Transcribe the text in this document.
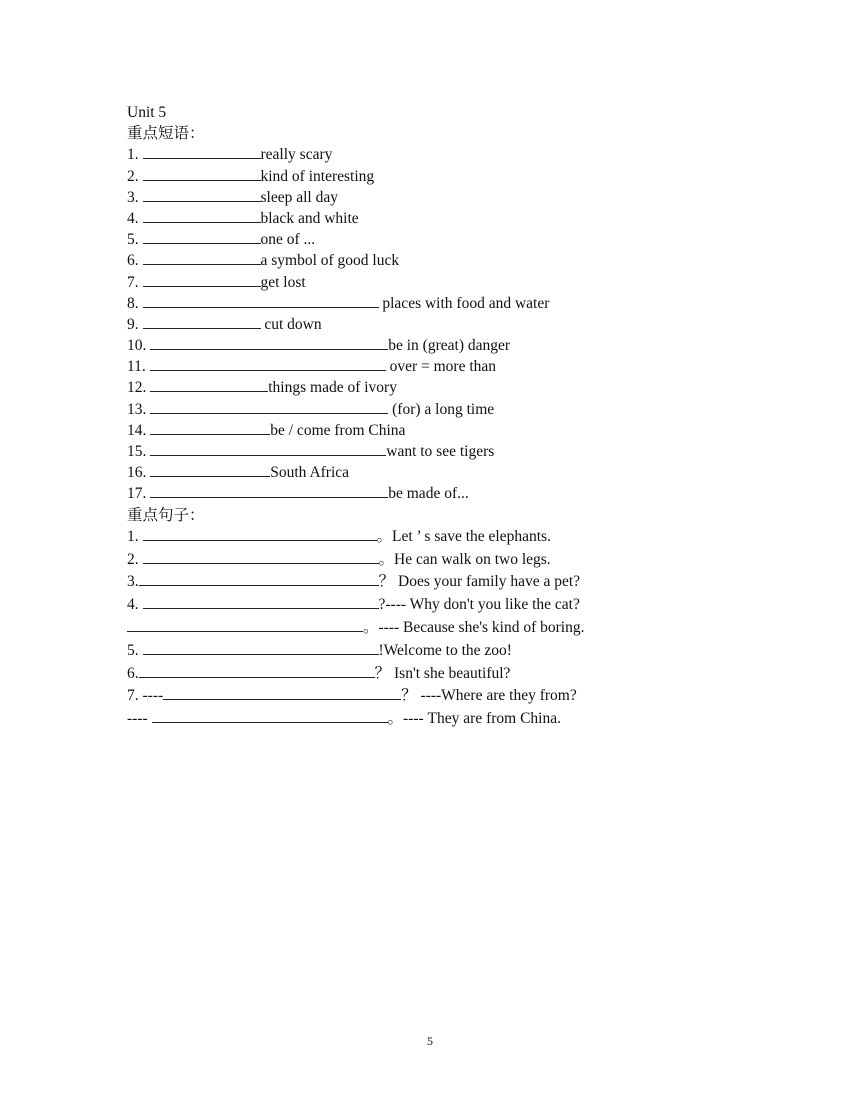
Unit 5
重点短语：
1.	really scary
2.	kind of interesting
3.	sleep all day
4.	black and white
5.	one of ...
6.	a symbol of good luck
7.	get lost
8.	places with food and water
9.	cut down
10.	be in (great) danger
11.	over = more than
12.	things made of ivory
13.	(for) a long time
14.	be / come from China
15.	want to see tigers
16.	South Africa
17.	be made of...
重点句子：
1.	。Let ’ s save the elephants.
2.	。He can walk on two legs.
3.	？ Does your family have a pet?
4.	?---- Why don't you like the cat?
。---- Because she's kind of boring.
5.	!Welcome to the zoo!
6.	？ Isn't she beautiful?
7. ----	？ ----Where are they from?
----	。---- They are from China.
5
